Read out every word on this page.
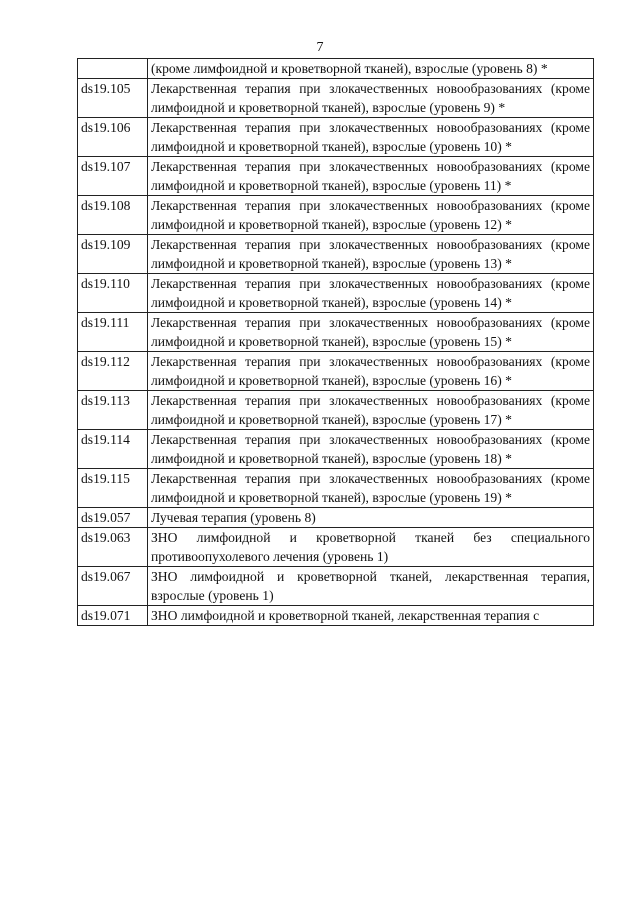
7
	(кроме лимфоидной и кроветворной тканей), взрослые (уровень 8) *
ds19.105	Лекарственная терапия при злокачественных новообразованиях (кроме лимфоидной и кроветворной тканей), взрослые (уровень 9) *
ds19.106	Лекарственная терапия при злокачественных новообразованиях (кроме лимфоидной и кроветворной тканей), взрослые (уровень 10) *
ds19.107	Лекарственная терапия при злокачественных новообразованиях (кроме лимфоидной и кроветворной тканей), взрослые (уровень 11) *
ds19.108	Лекарственная терапия при злокачественных новообразованиях (кроме лимфоидной и кроветворной тканей), взрослые (уровень 12) *
ds19.109	Лекарственная терапия при злокачественных новообразованиях (кроме лимфоидной и кроветворной тканей), взрослые (уровень 13) *
ds19.110	Лекарственная терапия при злокачественных новообразованиях (кроме лимфоидной и кроветворной тканей), взрослые (уровень 14) *
ds19.111	Лекарственная терапия при злокачественных новообразованиях (кроме лимфоидной и кроветворной тканей), взрослые (уровень 15) *
ds19.112	Лекарственная терапия при злокачественных новообразованиях (кроме лимфоидной и кроветворной тканей), взрослые (уровень 16) *
ds19.113	Лекарственная терапия при злокачественных новообразованиях (кроме лимфоидной и кроветворной тканей), взрослые (уровень 17) *
ds19.114	Лекарственная терапия при злокачественных новообразованиях (кроме лимфоидной и кроветворной тканей), взрослые (уровень 18) *
ds19.115	Лекарственная терапия при злокачественных новообразованиях (кроме лимфоидной и кроветворной тканей), взрослые (уровень 19) *
ds19.057	Лучевая терапия (уровень 8)
ds19.063	ЗНО лимфоидной и кроветворной тканей без специального противоопухолевого лечения (уровень 1)
ds19.067	ЗНО лимфоидной и кроветворной тканей, лекарственная терапия, взрослые (уровень 1)
ds19.071	ЗНО лимфоидной и кроветворной тканей, лекарственная терапия с
